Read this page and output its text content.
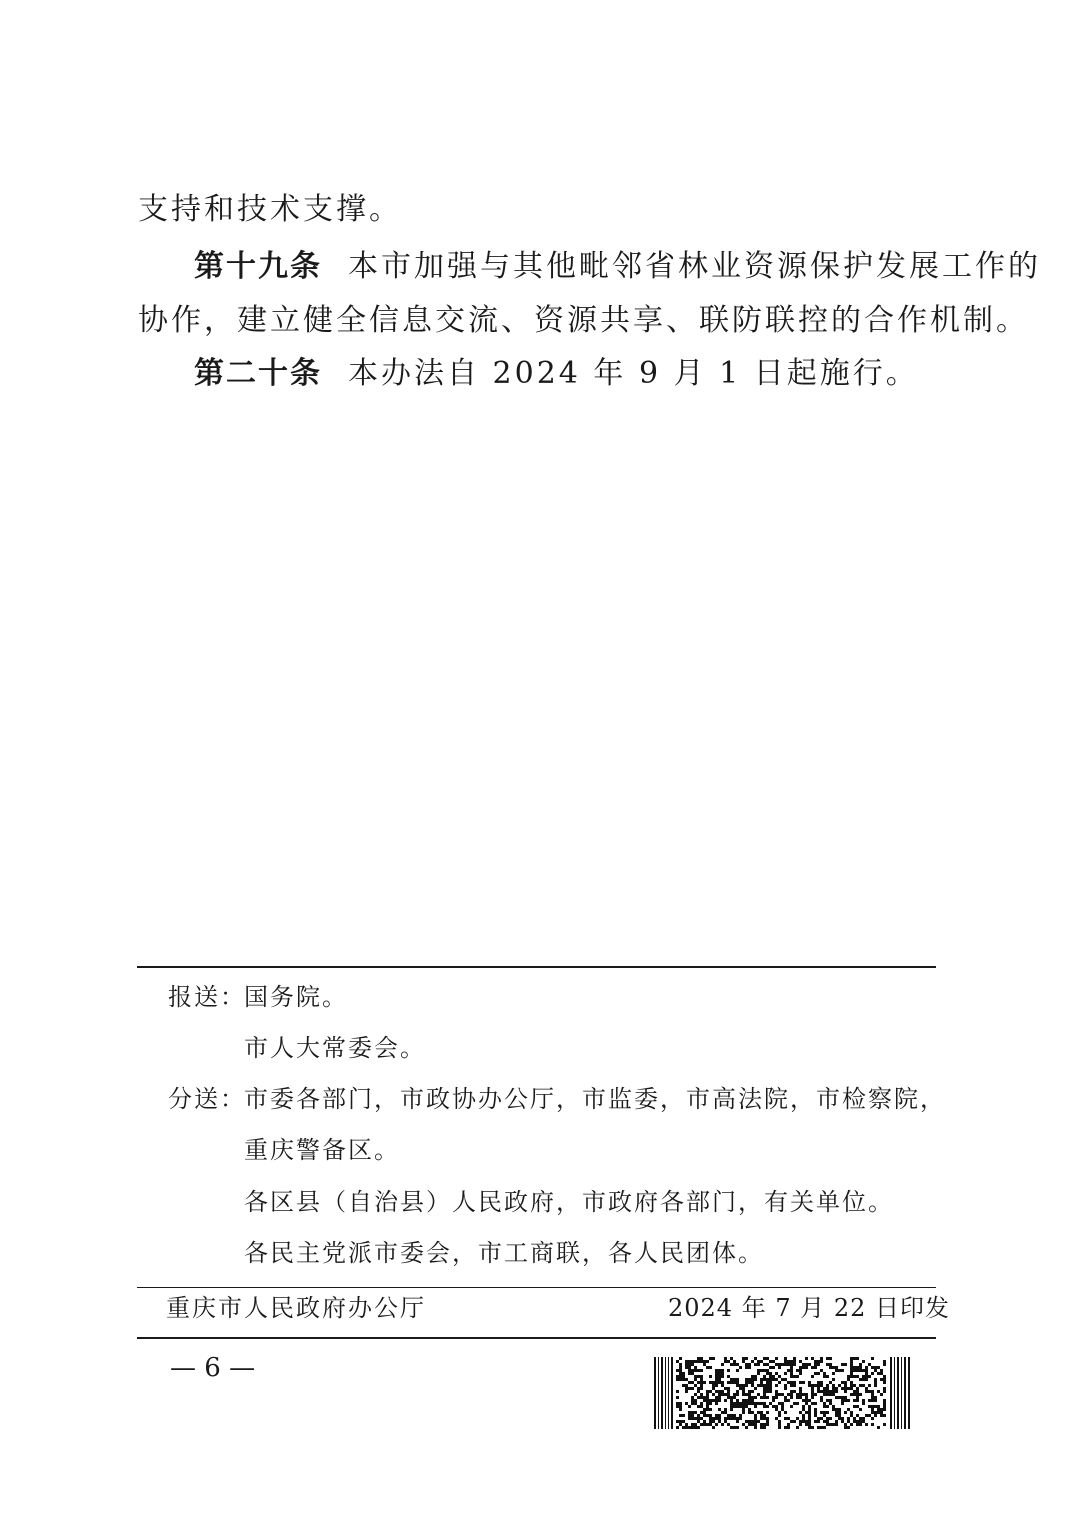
支持和技术支撑。

第十九条 本市加强与其他毗邻省林业资源保护发展工作的

协作，建立健全信息交流、资源共享、联防联控的合作机制。

第二十条 本办法自 2024 年 9 月 1 日起施行。

报送：
国务院。
市人大常委会。
分送：
市委各部门，市政协办公厅，市监委，市高法院，市检察院，
重庆警备区。
各区县（自治县）人民政府，市政府各部门，有关单位。
各民主党派市委会，市工商联，各人民团体。
重庆市人民政府办公厅	2024 年 7 月 22 日印发
— 6 —
